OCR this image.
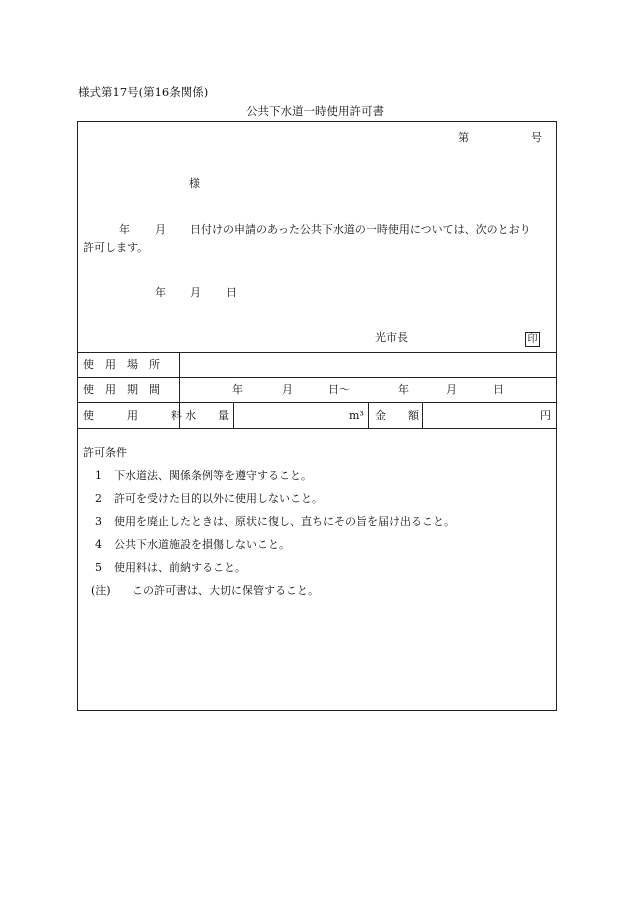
様式第17号(第16条関係)
公共下水道一時使用許可書
第	号
様
年 月 日付けの申請のあった公共下水道の一時使用については、次のとおり
許可します。
年 月 日
光市長	印
使　用　場　所
使　用　期　間	年	月	日～	年	月	日
使　　　用　　　料 水　　量	m³ 金　　額	円
許可条件
1 下水道法、関係条例等を遵守すること。
2 許可を受けた目的以外に使用しないこと。
3 使用を廃止したときは、原状に復し、直ちにその旨を届け出ること。
4 公共下水道施設を損傷しないこと。
5 使用料は、前納すること。
(注) この許可書は、大切に保管すること。
